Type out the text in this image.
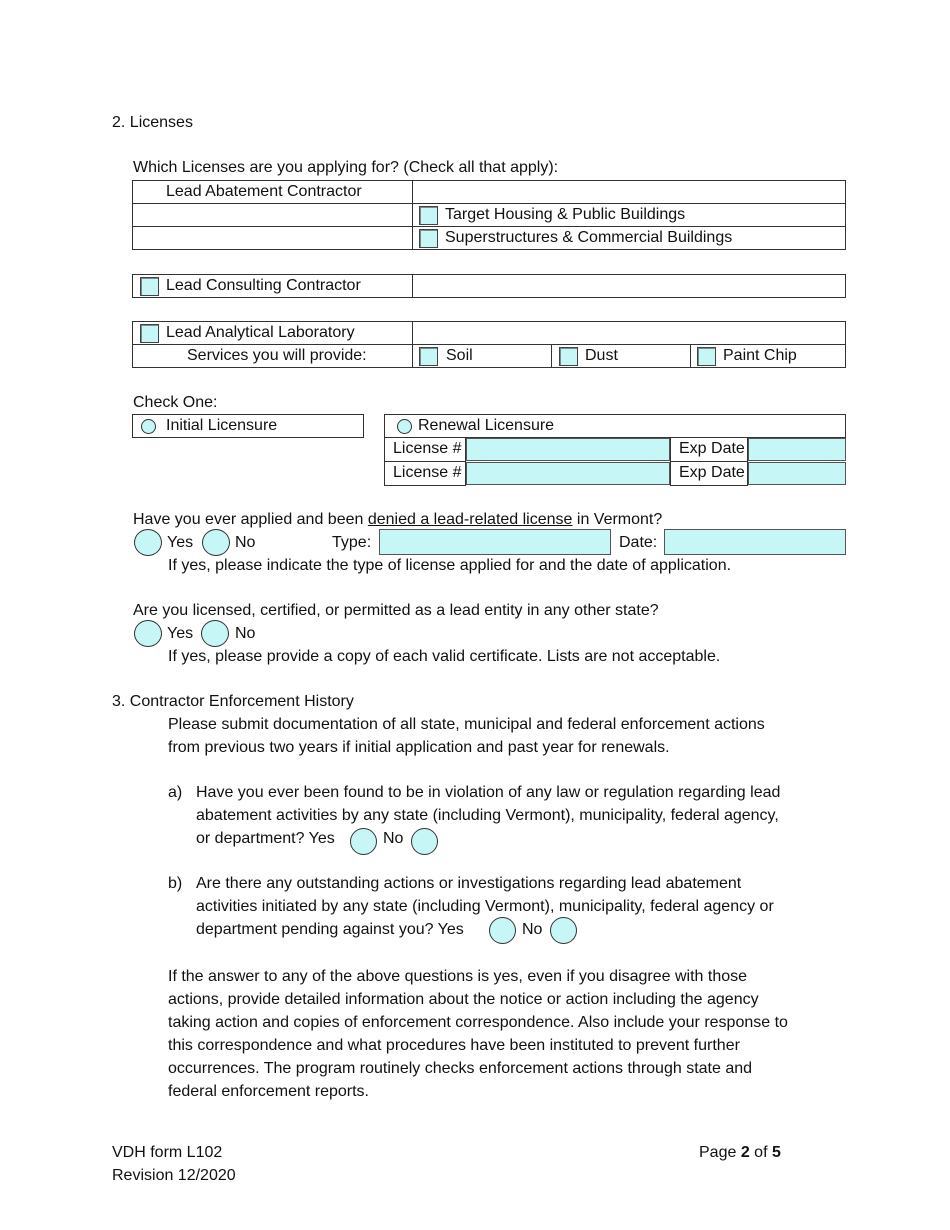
2. Licenses
Which Licenses are you applying for? (Check all that apply):
Lead Abatement Contractor
Target Housing & Public Buildings
Superstructures & Commercial Buildings
Lead Consulting Contractor
Lead Analytical Laboratory
Services you will provide:	Soil	Dust	Paint Chip
Check One:
Initial Licensure	Renewal Licensure
License #	Exp Date
License #	Exp Date
Have you ever applied and been denied a lead-related license in Vermont?
Yes	No	Type:	Date:
If yes, please indicate the type of license applied for and the date of application.
Are you licensed, certified, or permitted as a lead entity in any other state?
Yes	No
If yes, please provide a copy of each valid certificate. Lists are not acceptable.
3. Contractor Enforcement History
Please submit documentation of all state, municipal and federal enforcement actions
from previous two years if initial application and past year for renewals.
a) Have you ever been found to be in violation of any law or regulation regarding lead
abatement activities by any state (including Vermont), municipality, federal agency,
or department? Yes	No
b) Are there any outstanding actions or investigations regarding lead abatement
activities initiated by any state (including Vermont), municipality, federal agency or
department pending against you? Yes	No
If the answer to any of the above questions is yes, even if you disagree with those
actions, provide detailed information about the notice or action including the agency
taking action and copies of enforcement correspondence. Also include your response to
this correspondence and what procedures have been instituted to prevent further
occurrences. The program routinely checks enforcement actions through state and
federal enforcement reports.
VDH form L102
Revision 12/2020
Page 2 of 5
